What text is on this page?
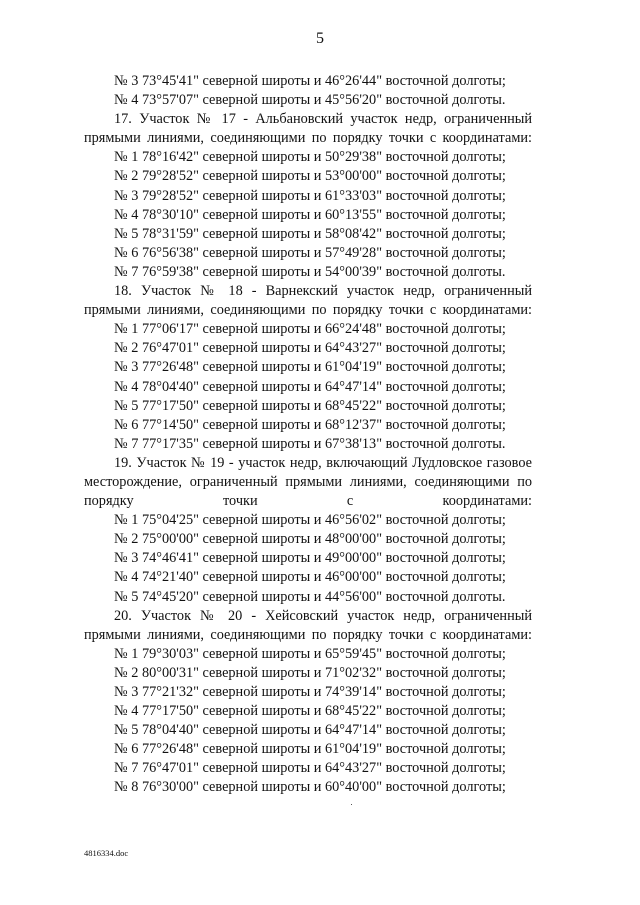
5
№ 3 73°45'41" северной широты и 46°26'44" восточной долготы;
№ 4 73°57'07" северной широты и 45°56'20" восточной долготы.
17. Участок № 17 - Альбановский участок недр, ограниченный
прямыми линиями, соединяющими по порядку точки с координатами:
№ 1 78°16'42" северной широты и 50°29'38" восточной долготы;
№ 2 79°28'52" северной широты и 53°00'00" восточной долготы;
№ 3 79°28'52" северной широты и 61°33'03" восточной долготы;
№ 4 78°30'10" северной широты и 60°13'55" восточной долготы;
№ 5 78°31'59" северной широты и 58°08'42" восточной долготы;
№ 6 76°56'38" северной широты и 57°49'28" восточной долготы;
№ 7 76°59'38" северной широты и 54°00'39" восточной долготы.
18. Участок № 18 - Варнекский участок недр, ограниченный
прямыми линиями, соединяющими по порядку точки с координатами:
№ 1 77°06'17" северной широты и 66°24'48" восточной долготы;
№ 2 76°47'01" северной широты и 64°43'27" восточной долготы;
№ 3 77°26'48" северной широты и 61°04'19" восточной долготы;
№ 4 78°04'40" северной широты и 64°47'14" восточной долготы;
№ 5 77°17'50" северной широты и 68°45'22" восточной долготы;
№ 6 77°14'50" северной широты и 68°12'37" восточной долготы;
№ 7 77°17'35" северной широты и 67°38'13" восточной долготы.
19. Участок № 19 - участок недр, включающий Лудловское газовое
месторождение, ограниченный прямыми линиями, соединяющими по
порядку точки с координатами:
№ 1 75°04'25" северной широты и 46°56'02" восточной долготы;
№ 2 75°00'00" северной широты и 48°00'00" восточной долготы;
№ 3 74°46'41" северной широты и 49°00'00" восточной долготы;
№ 4 74°21'40" северной широты и 46°00'00" восточной долготы;
№ 5 74°45'20" северной широты и 44°56'00" восточной долготы.
20. Участок № 20 - Хейсовский участок недр, ограниченный
прямыми линиями, соединяющими по порядку точки с координатами:
№ 1 79°30'03" северной широты и 65°59'45" восточной долготы;
№ 2 80°00'31" северной широты и 71°02'32" восточной долготы;
№ 3 77°21'32" северной широты и 74°39'14" восточной долготы;
№ 4 77°17'50" северной широты и 68°45'22" восточной долготы;
№ 5 78°04'40" северной широты и 64°47'14" восточной долготы;
№ 6 77°26'48" северной широты и 61°04'19" восточной долготы;
№ 7 76°47'01" северной широты и 64°43'27" восточной долготы;
№ 8 76°30'00" северной широты и 60°40'00" восточной долготы;
4816334.doc
